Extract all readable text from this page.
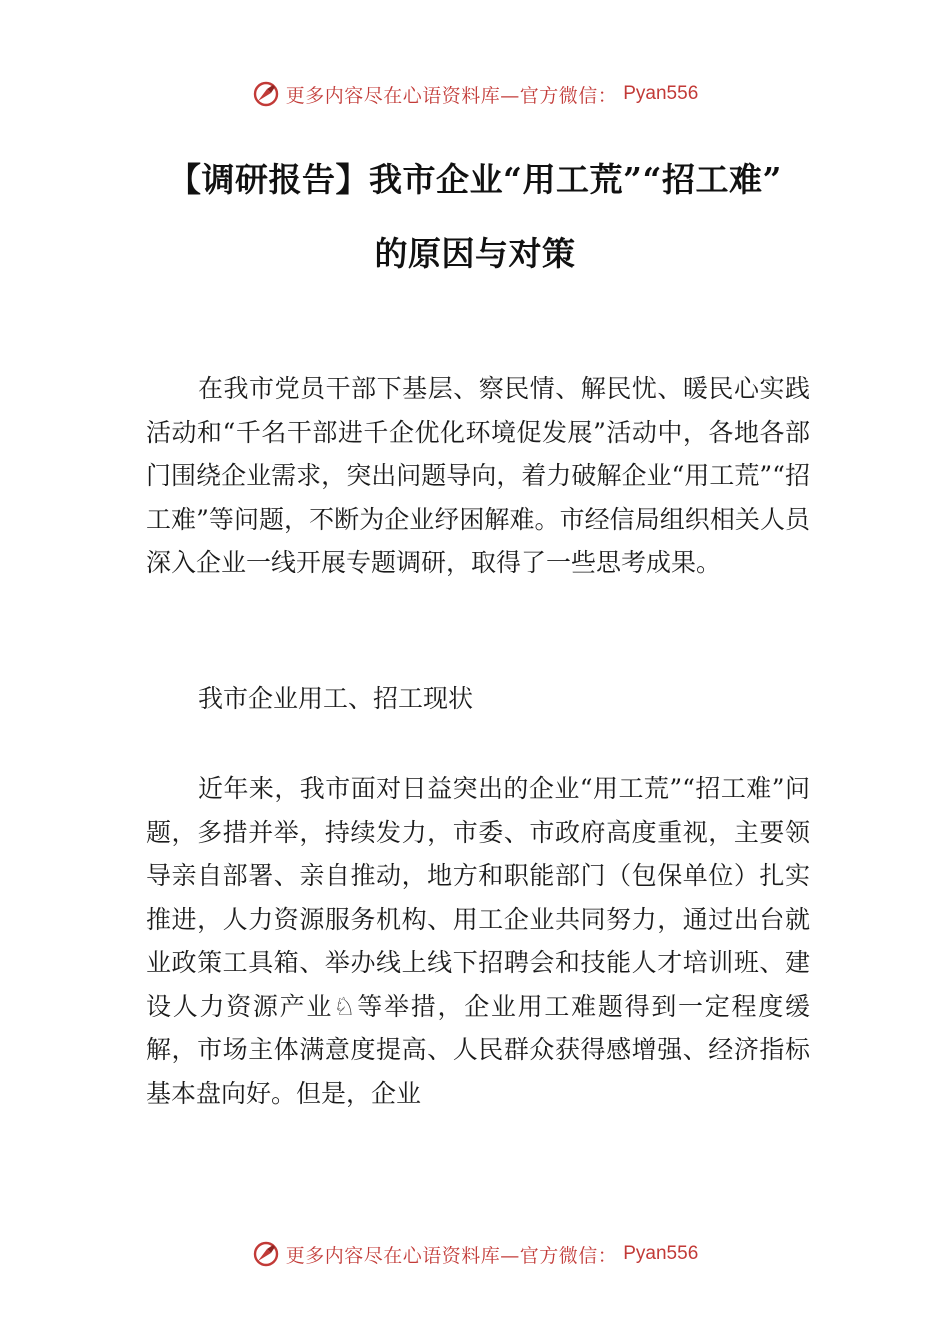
更多内容尽在心语资料库—官方微信： Pyan556
【调研报告】我市企业“用工荒”“招工难”
的原因与对策

在我市党员干部下基层、察民情、解民忧、暖民心实践活动和“千名干部进千企优化环境促发展”活动中，各地各部门围绕企业需求，突出问题导向，着力破解企业“用工荒”“招工难”等问题，不断为企业纾困解难。市经信局组织相关人员深入企业一线开展专题调研，取得了一些思考成果。

我市企业用工、招工现状

近年来，我市面对日益突出的企业“用工荒”“招工难”问题，多措并举，持续发力，市委、市政府高度重视，主要领导亲自部署、亲自推动，地方和职能部门（包保单位）扎实推进，人力资源服务机构、用工企业共同努力，通过出台就业政策工具箱、举办线上线下招聘会和技能人才培训班、建设人力资源产业♘等举措，企业用工难题得到一定程度缓解，市场主体满意度提高、人民群众获得感增强、经济指标基本盘向好。但是，企业

更多内容尽在心语资料库—官方微信： Pyan556
